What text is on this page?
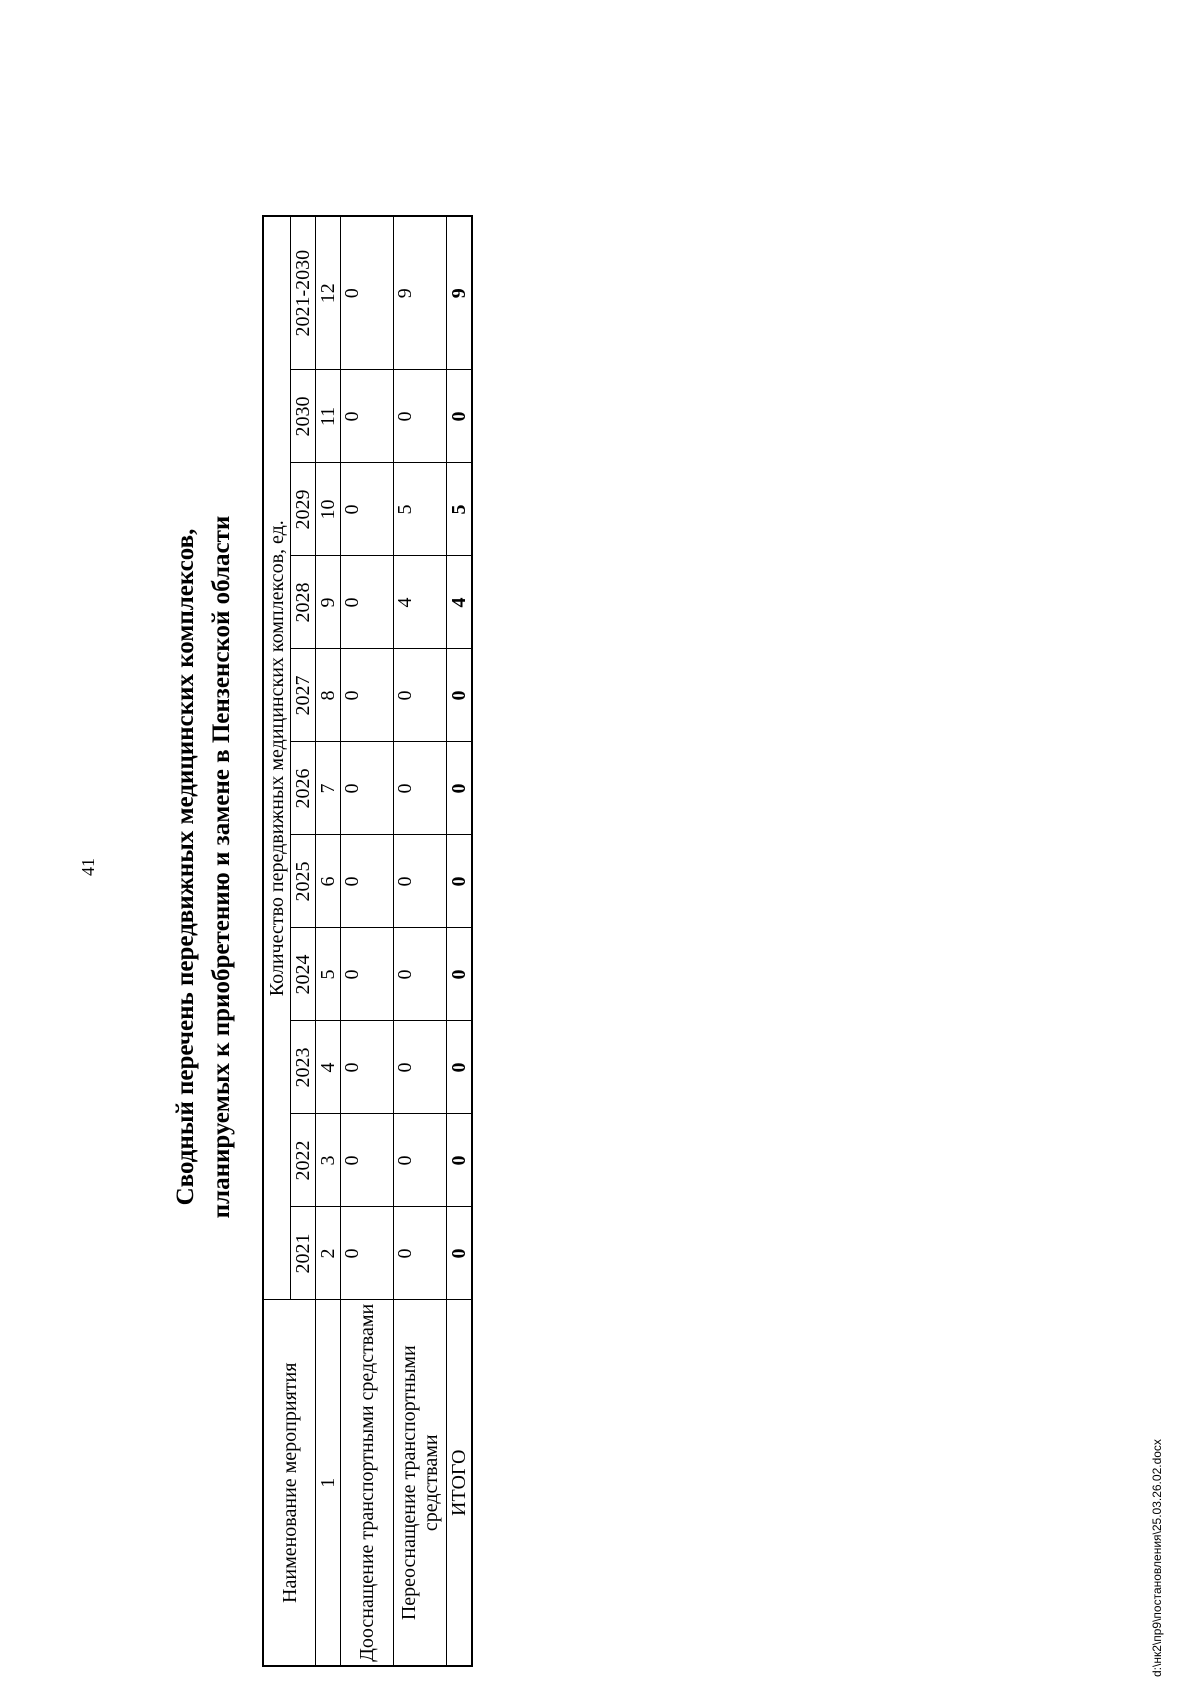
41	Сводный перечень передвижных медицинских комплексов, планируемых к приобретению и замене в Пензенской области
Наименование мероприятия	Количество передвижных медицинских комплексов, ед.										
	2021	2022	2023	2024	2025	2026	2027	2028	2029	2030	2021-2030
1	2	3	4	5	6	7	8	9	10	11	12
Дооснащение транспортными средствами	0	0	0	0	0	0	0	0	0	0	0
Переоснащение транспортными средствами	0	0	0	0	0	0	0	4	5	0	9
ИТОГО	0	0	0	0	0	0	0	4	5	0	9
d:\нк2\пр9\постановления\25.03.26.02.docx
